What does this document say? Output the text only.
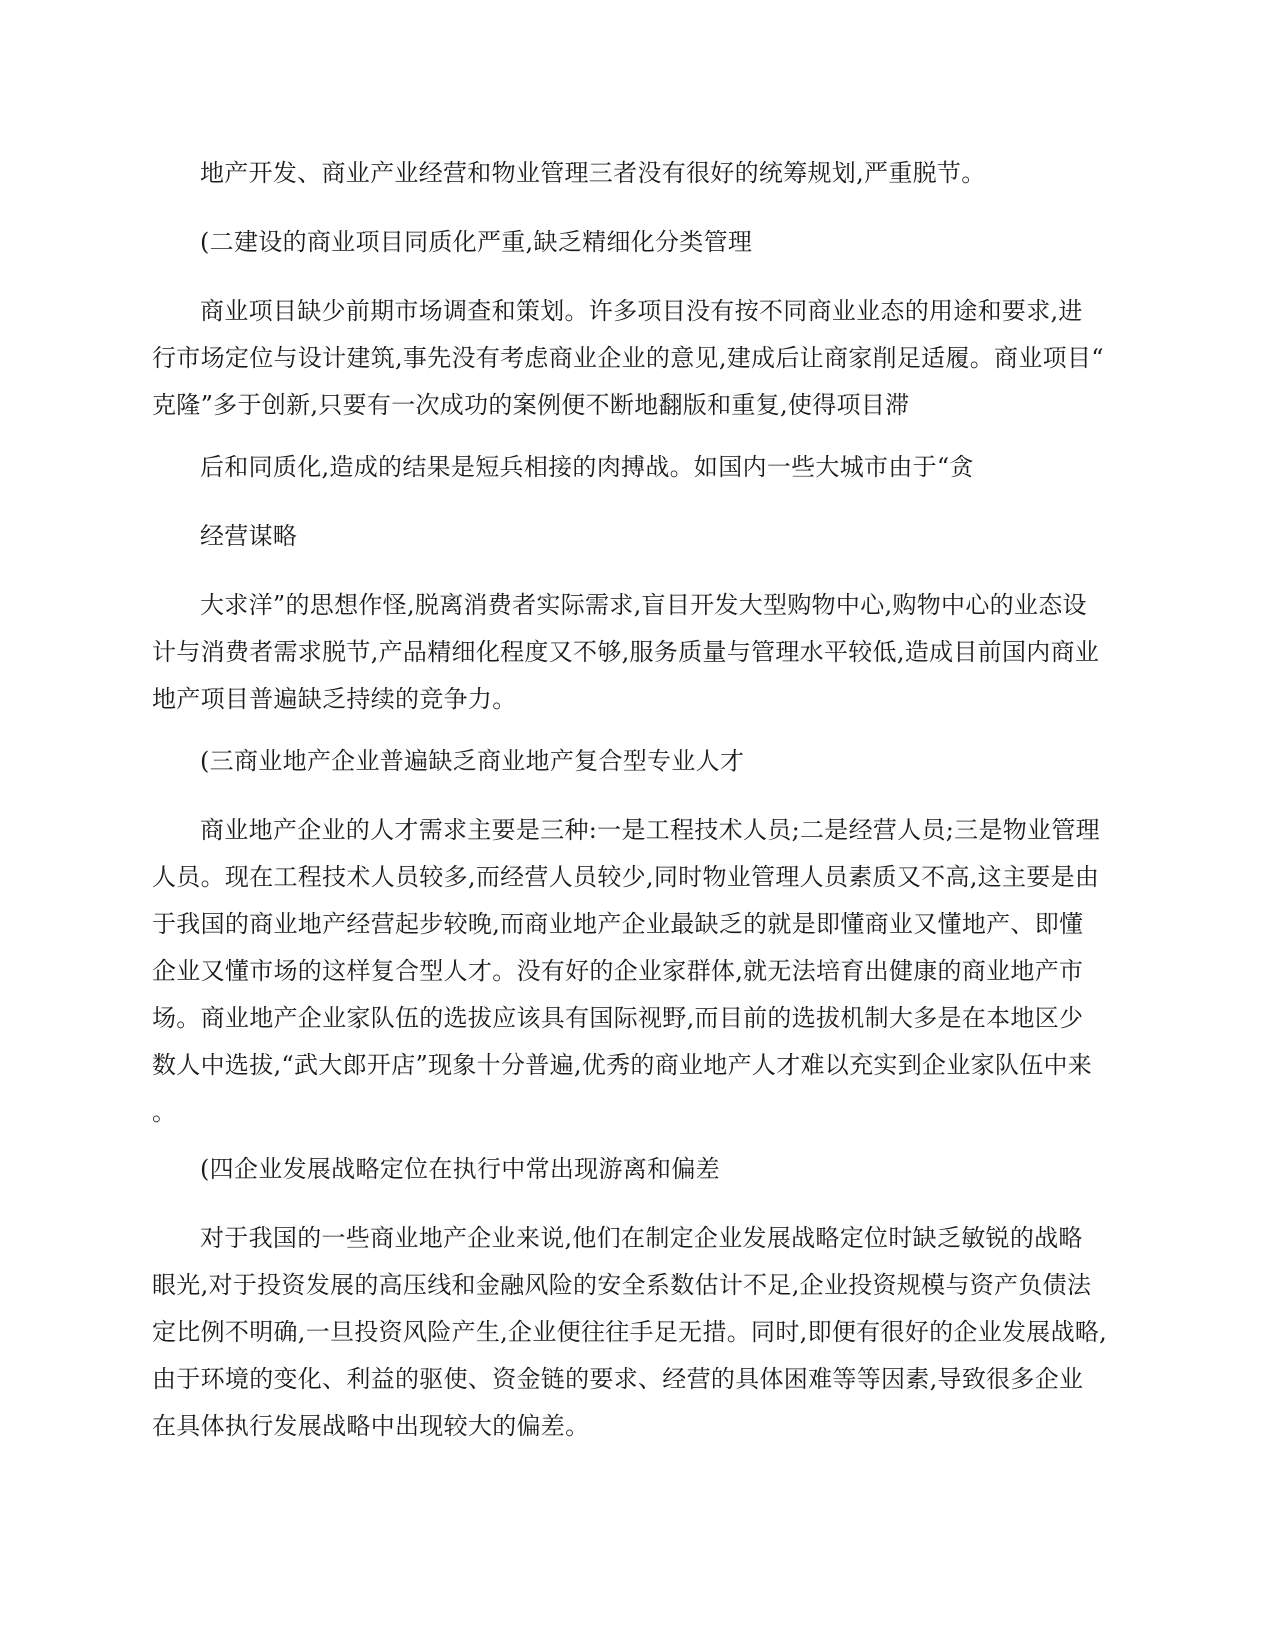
地产开发、商业产业经营和物业管理三者没有很好的统筹规划,严重脱节。

(二建设的商业项目同质化严重,缺乏精细化分类管理

商业项目缺少前期市场调查和策划。许多项目没有按不同商业业态的用途和要求,进
行市场定位与设计建筑,事先没有考虑商业企业的意见,建成后让商家削足适履。商业项目“
克隆”多于创新,只要有一次成功的案例便不断地翻版和重复,使得项目滞

后和同质化,造成的结果是短兵相接的肉搏战。如国内一些大城市由于“贪

经营谋略

大求洋”的思想作怪,脱离消费者实际需求,盲目开发大型购物中心,购物中心的业态设
计与消费者需求脱节,产品精细化程度又不够,服务质量与管理水平较低,造成目前国内商业
地产项目普遍缺乏持续的竞争力。

(三商业地产企业普遍缺乏商业地产复合型专业人才

商业地产企业的人才需求主要是三种:一是工程技术人员;二是经营人员;三是物业管理
人员。现在工程技术人员较多,而经营人员较少,同时物业管理人员素质又不高,这主要是由
于我国的商业地产经营起步较晚,而商业地产企业最缺乏的就是即懂商业又懂地产、即懂
企业又懂市场的这样复合型人才。没有好的企业家群体,就无法培育出健康的商业地产市
场。商业地产企业家队伍的选拔应该具有国际视野,而目前的选拔机制大多是在本地区少
数人中选拔,“武大郎开店”现象十分普遍,优秀的商业地产人才难以充实到企业家队伍中来
。

(四企业发展战略定位在执行中常出现游离和偏差

对于我国的一些商业地产企业来说,他们在制定企业发展战略定位时缺乏敏锐的战略
眼光,对于投资发展的高压线和金融风险的安全系数估计不足,企业投资规模与资产负债法
定比例不明确,一旦投资风险产生,企业便往往手足无措。同时,即便有很好的企业发展战略,
由于环境的变化、利益的驱使、资金链的要求、经营的具体困难等等因素,导致很多企业
在具体执行发展战略中出现较大的偏差。
